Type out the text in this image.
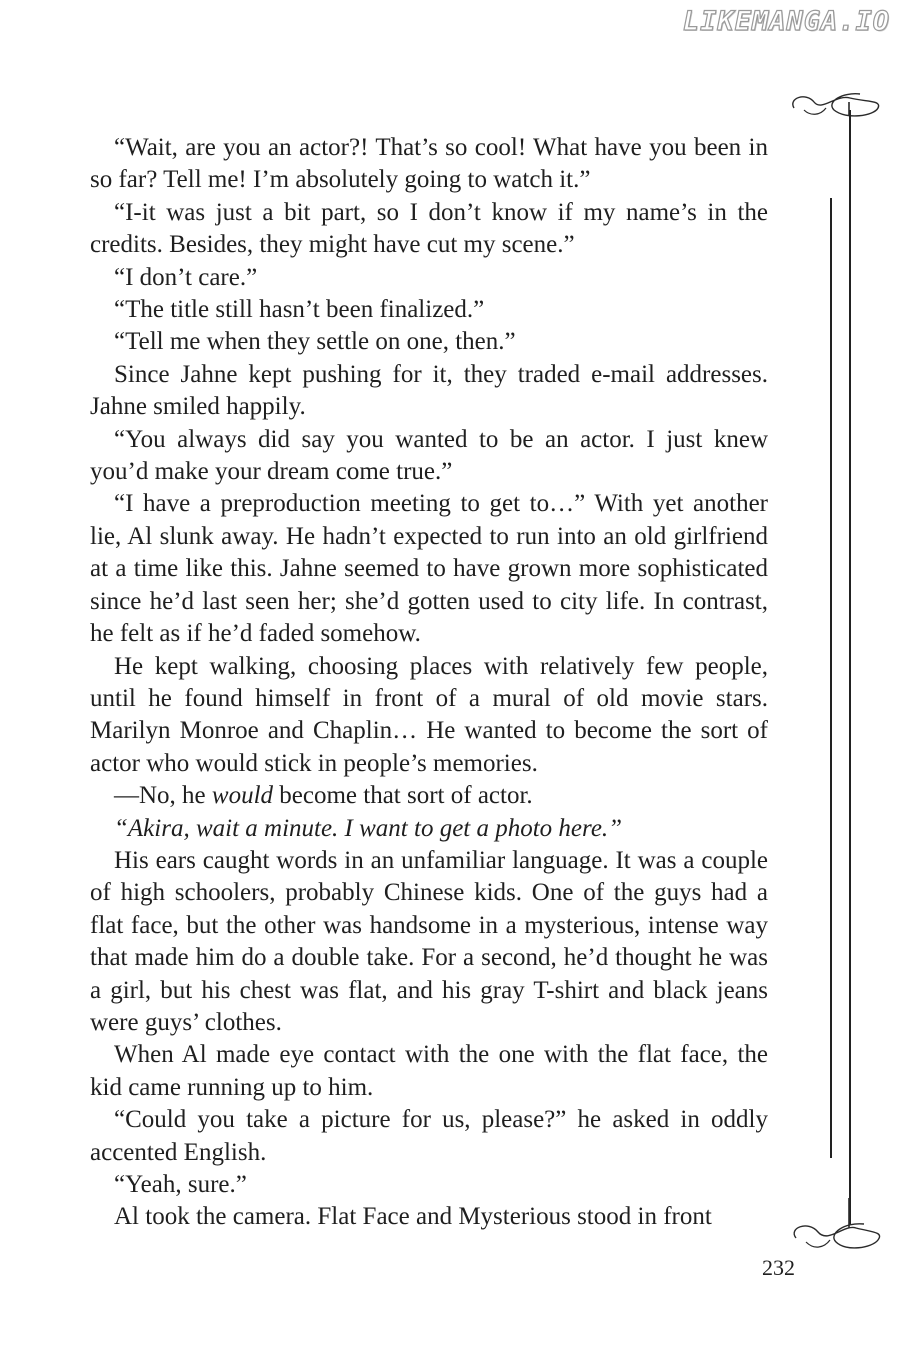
LIKEMANGA.IO

“Wait, are you an actor?! That’s so cool! What have you been in so far? Tell me! I’m absolutely going to watch it.”

“I-it was just a bit part, so I don’t know if my name’s in the credits. Besides, they might have cut my scene.”

“I don’t care.”

“The title still hasn’t been finalized.”

“Tell me when they settle on one, then.”

Since Jahne kept pushing for it, they traded e-mail addresses. Jahne smiled happily.

“You always did say you wanted to be an actor. I just knew you’d make your dream come true.”

“I have a preproduction meeting to get to…” With yet another lie, Al slunk away. He hadn’t expected to run into an old girlfriend at a time like this. Jahne seemed to have grown more sophisticated since he’d last seen her; she’d gotten used to city life. In contrast, he felt as if he’d faded somehow.

He kept walking, choosing places with relatively few people, until he found himself in front of a mural of old movie stars. Marilyn Monroe and Chaplin… He wanted to become the sort of actor who would stick in people’s memories.

—No, he would become that sort of actor.

“Akira, wait a minute. I want to get a photo here.”

His ears caught words in an unfamiliar language. It was a couple of high schoolers, probably Chinese kids. One of the guys had a flat face, but the other was handsome in a mysterious, intense way that made him do a double take. For a second, he’d thought he was a girl, but his chest was flat, and his gray T-shirt and black jeans were guys’ clothes.

When Al made eye contact with the one with the flat face, the kid came running up to him.

“Could you take a picture for us, please?” he asked in oddly accented English.

“Yeah, sure.”

Al took the camera. Flat Face and Mysterious stood in front

232
